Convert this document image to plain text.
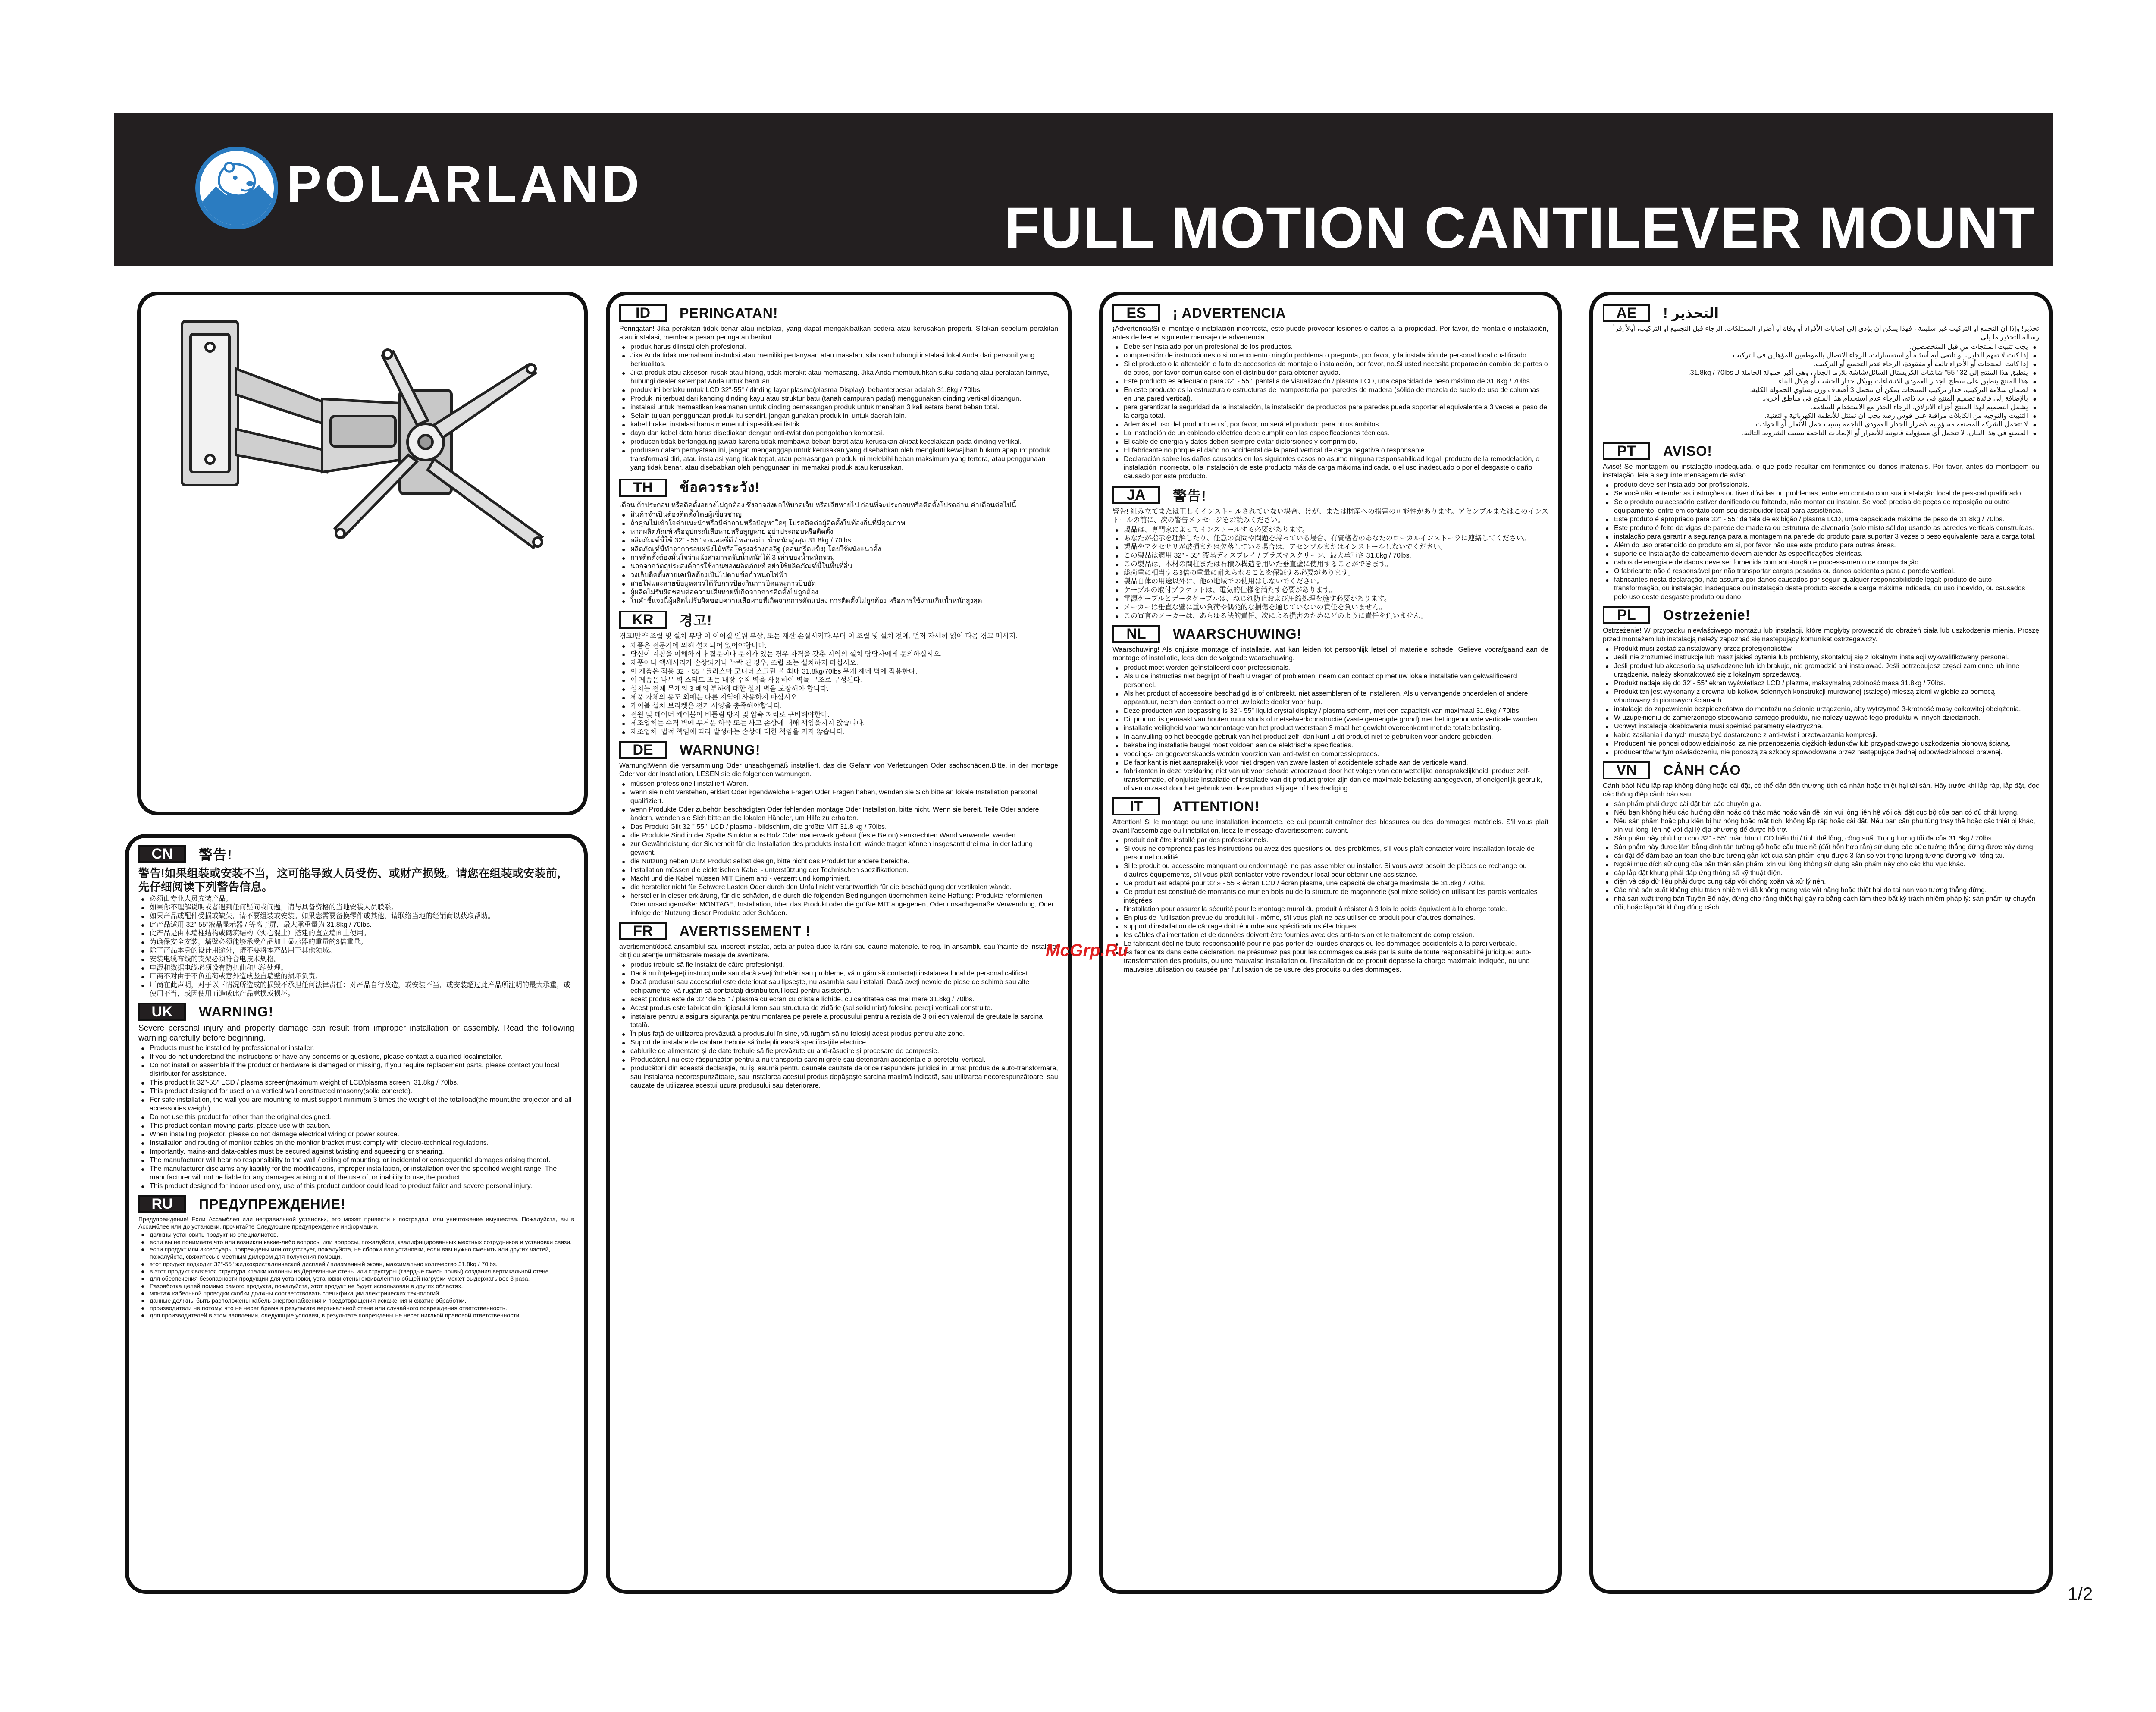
POLARLAND
FULL MOTION CANTILEVER MOUNT
ID	PERINGATAN!

Peringatan! Jika perakitan tidak benar atau instalasi, yang dapat mengakibatkan cedera atau kerusakan properti. Silakan sebelum perakitan atau instalasi, membaca pesan peringatan berikut.

● produk harus diinstal oleh profesional.
● Jika Anda tidak memahami instruksi atau memiliki pertanyaan atau masalah, silahkan hubungi instalasi lokal Anda dari personil yang berkualitas.
● Jika produk atau aksesori rusak atau hilang, tidak merakit atau memasang. Jika Anda membutuhkan suku cadang atau peralatan lainnya, hubungi dealer setempat Anda untuk bantuan.
● produk ini berlaku untuk LCD 32"-55" / dinding layar plasma(plasma Display), bebanterbesar adalah 31.8kg / 70lbs.
● Produk ini terbuat dari kancing dinding kayu atau struktur batu (tanah campuran padat) menggunakan dinding vertikal dibangun.
● instalasi untuk memastikan keamanan untuk dinding pemasangan produk untuk menahan 3 kali setara berat beban total.
● Selain tujuan penggunaan produk itu sendiri, jangan gunakan produk ini untuk daerah lain.
● kabel braket instalasi harus memenuhi spesifikasi listrik.
● daya dan kabel data harus disediakan dengan anti-twist dan pengolahan kompresi.
● produsen tidak bertanggung jawab karena tidak membawa beban berat atau kerusakan akibat kecelakaan pada dinding vertikal.
● produsen dalam pernyataan ini, jangan menganggap untuk kerusakan yang disebabkan oleh mengikuti kewajiban hukum apapun: produk transformasi diri, atau instalasi yang tidak tepat, atau pemasangan produk ini melebihi beban maksimum yang tertera, atau penggunaan yang tidak benar, atau disebabkan oleh penggunaan ini memakai produk atau kerusakan.
TH	ข้อควรระวัง!

เตือน ถ้าประกอบ หรือติดตั้งอย่างไม่ถูกต้อง ซึ่งอาจส่งผลให้บาดเจ็บ หรือเสียหายไป ก่อนที่จะประกอบหรือติดตั้งโปรดอ่าน คำเตือนต่อไปนี้

● สินค้าจำเป็นต้องติดตั้งโดยผู้เชี่ยวชาญ
● ถ้าคุณไม่เข้าใจคำแนะนำหรือมีคำถามหรือปัญหาใดๆ โปรดติดต่อผู้ติดตั้งในท้องถิ่นที่มีคุณภาพ
● หากผลิตภัณฑ์หรืออุปกรณ์เสียหายหรือสูญหาย อย่าประกอบหรือติดตั้ง
● ผลิตภัณฑ์นี้ใช้ 32" - 55" จอแอลซีดี / พลาสม่า, น้ำหนักสูงสุด 31.8kg / 70lbs.
● ผลิตภัณฑ์นี้ทำจากกรอบผนังไม้หรือโครงสร้างก่ออิฐ (คอนกรีตแข็ง) โดยใช้ผนังแนวตั้ง
● การติดตั้งต้องมั่นใจว่าผนังสามารถรับน้ำหนักได้ 3 เท่าของน้ำหนักรวม
● นอกจากวัตถุประสงค์การใช้งานของผลิตภัณฑ์ อย่าใช้ผลิตภัณฑ์นี้ในพื้นที่อื่น
● วงเล็บติดตั้งสายเคเบิลต้องเป็นไปตามข้อกำหนดไฟฟ้า
● สายไฟและสายข้อมูลควรได้รับการป้องกันการบิดและการบีบอัด
● ผู้ผลิตไม่รับผิดชอบต่อความเสียหายที่เกิดจากการติดตั้งไม่ถูกต้อง
● ในคำชี้แจงนี้ผู้ผลิตไม่รับผิดชอบความเสียหายที่เกิดจากการดัดแปลง การติดตั้งไม่ถูกต้อง หรือการใช้งานเกินน้ำหนักสูงสุด
KR	경고!

경고!만약 조립 및 설치 부당 이 이어질 인원 부상, 또는 재산 손실시키다.무더 이 조립 및 설치 전에, 먼저 자세히 읽어 다음 경고 메시지.

● 제품은 전문가에 의해 설치되어 있어야합니다.
● 당신이 지침을 이해하거나 질문이나 문제가 있는 경우 자격을 갖춘 지역의 설치 담당자에게 문의하십시오.
● 제품이나 액세서리가 손상되거나 누락 된 경우, 조립 또는 설치하지 마십시오.
● 이 제품은 적용 32 ~ 55 " 플라스마 모니터 스크린 을 최대 31.8kg/70lbs 무게 제네 벽에 적용한다.
● 이 제품은 나무 벽 스터드 또는 내장 수직 벽을 사용하여 벽돌 구조로 구성된다.
● 설치는 전체 무게의 3 배의 부하에 대한 설치 벽을 보장해야 합니다.
● 제품 자체의 용도 외에는 다른 지역에 사용하지 마십시오.
● 케이블 설치 브라켓은 전기 사양을 충족해야합니다.
● 전원 및 데이터 케이블이 비틀림 방지 및 압축 처리로 구비해야한다.
● 제조업체는 수직 벽에 무거운 하중 또는 사고 손상에 대해 책임을지지 않습니다.
● 제조업체, 법적 책임에 따라 발생하는 손상에 대한 책임을 지지 않습니다.
DE	WARNUNG!

Warnung!Wenn die versammlung Oder unsachgemäß installiert, das die Gefahr von Verletzungen Oder sachschäden.Bitte, in der montage Oder vor der Installation, LESEN sie die folgenden warnungen.

● müssen professionell installiert Waren.
● wenn sie nicht verstehen, erklärt Oder irgendwelche Fragen Oder Fragen haben, wenden sie Sich bitte an lokale Installation personal qualifiziert.
● wenn Produkte Oder zubehör, beschädigten Oder fehlenden montage Oder Installation, bitte nicht. Wenn sie bereit, Teile Oder andere ändern, wenden sie Sich bitte an die lokalen Händler, um Hilfe zu erhalten.
● Das Produkt Gilt 32 " 55 " LCD / plasma - bildschirm, die größte MIT 31.8 kg / 70lbs.
● die Produkte Sind in der Spalte Struktur aus Holz Oder mauerwerk gebaut (feste Beton) senkrechten Wand verwendet werden.
● zur Gewährleistung der Sicherheit für die Installation des produkts installiert, wände tragen können insgesamt drei mal in der ladung gewicht.
● die Nutzung neben DEM Produkt selbst design, bitte nicht das Produkt für andere bereiche.
● Installation müssen die elektrischen Kabel - unterstützung der Technischen spezifikationen.
● Macht und die Kabel müssen MIT Einem anti - verzerrt und komprimiert.
● die hersteller nicht für Schwere Lasten Oder durch den Unfall nicht verantwortlich für die beschädigung der vertikalen wände.
● hersteller in dieser erklärung, für die schäden, die durch die folgenden Bedingungen übernehmen keine Haftung: Produkte reformierten Oder unsachgemäßer MONTAGE, Installation, über das Produkt oder die größte MIT angegeben, Oder unsachgemäße Verwendung, Oder infolge der Nutzung dieser Produkte oder Schäden.
FR	AVERTISSEMENT !

avertismentîdacă ansamblul sau incorect instalat, asta ar putea duce la răni sau daune materiale. te rog. în ansamblu sau înainte de instalare, citiţi cu atenţie următoarele mesaje de avertizare.

● produs trebuie să fie instalat de către profesionişti.
● Dacă nu înţelegeţi instrucţiunile sau dacă aveţi întrebări sau probleme, vă rugăm să contactaţi instalarea local de personal calificat.
● Dacă produsul sau accesoriul este deteriorat sau lipseşte, nu asambla sau instalaţi. Dacă aveţi nevoie de piese de schimb sau alte echipamente, vă rugăm să contactaţi distribuitorul local pentru asistenţă.
● acest produs este de 32 "de 55 " / plasmă cu ecran cu cristale lichide, cu cantitatea cea mai mare 31.8kg / 70lbs.
● Acest produs este fabricat din rigipsului lemn sau structura de zidărie (sol solid mixt) folosind pereţii verticali construite.
● instalare pentru a asigura siguranţa pentru montarea pe perete a produsului pentru a rezista de 3 ori echivalentul de greutate la sarcina totală.
● În plus faţă de utilizarea prevăzută a produsului în sine, vă rugăm să nu folosiţi acest produs pentru alte zone.
● Suport de instalare de cablare trebuie să îndeplinească specificaţiile electrice.
● cablurile de alimentare şi de date trebuie să fie prevăzute cu anti-răsucire şi procesare de compresie.
● Producătorul nu este răspunzător pentru a nu transporta sarcini grele sau deteriorării accidentale a peretelui vertical.
● producătorii din această declaraţie, nu îşi asumă pentru daunele cauzate de orice răspundere juridică în urma: produs de auto-transformare, sau instalarea necorespunzătoare, sau instalarea acestui produs depăşeşte sarcina maximă indicată, sau utilizarea necorespunzătoare, sau cauzate de utilizarea acestui uzura produsului sau deteriorare.
CN	警告!

警告!如果组装或安装不当，这可能导致人员受伤、或财产损毁。请您在组装或安装前，先仔细阅读下列警告信息。

● 必须由专业人员安装产品。
● 如果你不理解说明或者遇到任何疑问或问题，请与具备资格的当地安装人员联系。
● 如果产品或配件受损或缺失，请不要组装或安装。如果您需要备换零件或其他，请联络当地的经销商以获取帮助。
● 此产品适用 32"-55"液晶显示器 / 等离子屏，最大承重量为 31.8kg / 70lbs.
● 此产品是由木墙柱结构或砌筑结构（实心混土）搭建的直立墙面上使用。
● 为确保安全安装，墙壁必须能够承受产品加上显示器的重量的3倍重量。
● 除了产品本身的设计用途外，请不要将本产品用于其他领域。
● 安装电缆布线的支架必须符合电技术规格。
● 电源和数据电缆必须设有防扭曲和压缩处理。
● 厂商不对由于不负重荷或意外造成竖直墙壁的损坏负责。
● 厂商在此声明，对于以下情况所造成的损毁不承担任何法律责任：对产品自行改造，或安装不当，或安装超过此产品所注明的最大承重，或使用不当，或因使用而造成此产品意损或损坏。
UK	WARNING!

Severe personal injury and property damage can result from improper installation or assembly. Read the following warning carefully before beginning.

● Products must be installed by professional or installer.
● If you do not understand the instructions or have any concerns or questions, please contact a qualified localinstaller.
● Do not install or assemble if the product or hardware is damaged or missing, If you require replacement parts, please contact you local distributor for assistance.
● This product fit 32"-55" LCD / plasma screen(maximum weight of LCD/plasma screen: 31.8kg / 70lbs.
● This product designed for used on a vertical wall constructed masonry(solid concrete).
● For safe installation, the wall you are mounting to must support minimum 3 times the weight of the totalload(the mount,the projector and all accessories weight).
● Do not use this product for other than the original designed.
● This product contain moving parts, please use with caution.
● When installing projector, please do not damage electrical wiring or power source.
● Installation and routing of monitor cables on the monitor bracket must comply with electro-technical regulations.
● Importantly, mains-and data-cables must be secured against twisting and squeezing or shearing.
● The manufacturer will bear no responsibility to the wall / ceiling of mounting, or incidental or consequential damages arising thereof.
● The manufacturer disclaims any liability for the modifications, improper installation, or installation over the specified weight range. The manufacturer will not be liable for any damages arising out of the use of, or inability to use,the product.
● This product designed for indoor used only, use of this product outdoor could lead to product failer and severe personal injury.
RU	ПРЕДУПРЕЖДЕНИЕ!

Предупреждение! Если Ассамблея или неправильной установки, это может привести к пострадал, или уничтожение имущества. Пожалуйста, вы в Ассамблее или до установки, прочитайте Следующие предупреждение информации.

● должны установить продукт из специалистов.
● если вы не понимаете что или возникли какие-либо вопросы или вопросы, пожалуйста, квалифицированных местных сотрудников и установки связи.
● если продукт или аксессуары повреждены или отсутствует, пожалуйста, не сборки или установки, если вам нужно сменить или других частей, пожалуйста, свяжитесь с местным дилером для получения помощи.
● этот продукт подходит 32"-55" жидкокристаллический дисплей / плазменный экран, максимально количество 31.8kg / 70lbs.
● в этот продукт является структура кладки колонны из Деревянные стены или структуры (твердые смесь почвы) создания вертикальной стене.
● для обеспечения безопасности продукции для установки, установки стены эквивалентно общей нагрузки может выдержать вес 3 раза.
● Разработка целей помимо самого продукта, пожалуйста, этот продукт не будет использован в других областях.
● монтаж кабельной проводки скобки должны соответствовать спецификации электрических технологий.
● данные должны быть расположены кабель энергоснабжения и предотвращения искажения и сжатие обработки.
● производители не потому, что не несет бремя в результате вертикальной стене или случайного повреждения ответственность.
● для производителей в этом заявлении, следующие условия, в результате повреждены не несет никакой правовой ответственности.
ES	¡ ADVERTENCIA

¡Advertencia!Si el montaje o instalación incorrecta, esto puede provocar lesiones o daños a la propiedad. Por favor, de montaje o instalación, antes de leer el siguiente mensaje de advertencia.

● Debe ser instalado por un profesional de los productos.
● comprensión de instrucciones o si no encuentro ningún problema o pregunta, por favor, y la instalación de personal local cualificado.
● Si el producto o la alteración o falta de accesorios de montaje o instalación, por favor, no.Si usted necesita preparación cambia de partes o de otros, por favor comunicarse con el distribuidor para obtener ayuda.
● Este producto es adecuado para 32" - 55 " pantalla de visualización / plasma LCD, una capacidad de peso máximo de 31.8kg / 70lbs.
● En este producto es la estructura o estructuras de mampostería por paredes de madera (sólido de mezcla de suelo de uso de columnas en una pared vertical).
● para garantizar la seguridad de la instalación, la instalación de productos para paredes puede soportar el equivalente a 3 veces el peso de la carga total.
● Además el uso del producto en sí, por favor, no será el producto para otros ámbitos.
● La instalación de un cableado eléctrico debe cumplir con las especificaciones técnicas.
● El cable de energía y datos deben siempre evitar distorsiones y comprimido.
● El fabricante no porque el daño no accidental de la pared vertical de carga negativa o responsable.
● Declaración sobre los daños causados en los siguientes casos no asume ninguna responsabilidad legal: producto de la remodelación, o instalación incorrecta, o la instalación de este producto más de carga máxima indicada, o el uso inadecuado o por el desgaste o daño causado por este producto.
JA	警告!

警告! 組み立てまたは正しくインストールされていない場合、けが、または財産への損害の可能性があります。アセンブルまたはこのインストールの前に、次の警告メッセージをお読みください。

● 製品は、専門家によってインストールする必要があります。
● あなたが指示を理解したり、任意の質問や問題を持っている場合、有資格者のあなたのローカルインストーラに連絡してください。
● 製品やアクセサリが破損または欠落している場合は、アセンブルまたはインストールしないでください。
● この製品は適用 32" - 55" 液晶ディスプレイ / プラズマスクリーン、最大承重さ 31.8kg / 70lbs.
● この製品は、木材の間柱または石積み構造を用いた垂直壁に使用することができます。
● 総荷重に相当する3倍の重量に耐えられることを保証する必要があります。
● 製品自体の用途以外に、他の地域での使用はしないでください。
● ケーブルの取付ブラケットは、電気的仕様を満たす必要があります。
● 電源ケーブルとデータケーブルは、ねじれ防止および圧縮処理を施す必要があります。
● メーカーは垂直な壁に重い負荷や偶発的な損傷を通じていないの責任を負いません。
● この宣言のメーカーは、あらゆる法的責任、次による損害のためにどのように責任を負いません。
NL	WAARSCHUWING!

Waarschuwing! Als onjuiste montage of installatie, wat kan leiden tot persoonlijk letsel of materiële schade. Gelieve voorafgaand aan de montage of installatie, lees dan de volgende waarschuwing.

● product moet worden geïnstalleerd door professionals.
● Als u de instructies niet begrijpt of heeft u vragen of problemen, neem dan contact op met uw lokale installatie van gekwalificeerd personeel.
● Als het product of accessoire beschadigd is of ontbreekt, niet assembleren of te installeren. Als u vervangende onderdelen of andere apparatuur, neem dan contact op met uw lokale dealer voor hulp.
● Deze producten van toepassing is 32"- 55" liquid crystal display / plasma scherm, met een capaciteit van maximaal 31.8kg / 70lbs.
● Dit product is gemaakt van houten muur studs of metselwerkconstructie (vaste gemengde grond) met het ingebouwde verticale wanden.
● installatie veiligheid voor wandmontage van het product weerstaan 3 maal het gewicht overeenkomt met de totale belasting.
● In aanvulling op het beoogde gebruik van het product zelf, dan kunt u dit product niet te gebruiken voor andere gebieden.
● bekabeling installatie beugel moet voldoen aan de elektrische specificaties.
● voedings- en gegevenskabels worden voorzien van anti-twist en compressieproces.
● De fabrikant is niet aansprakelijk voor niet dragen van zware lasten of accidentele schade aan de verticale wand.
● fabrikanten in deze verklaring niet van uit voor schade veroorzaakt door het volgen van een wettelijke aansprakelijkheid: product zelf-transformatie, of onjuiste installatie of installatie van dit product groter zijn dan de maximale belasting aangegeven, of oneigenlijk gebruik, of veroorzaakt door het gebruik van deze product slijtage of beschadiging.
IT	ATTENTION!

Attention! Si le montage ou une installation incorrecte, ce qui pourrait entraîner des blessures ou des dommages matériels. S'il vous plaît avant l'assemblage ou l'installation, lisez le message d'avertissement suivant.

● produit doit être installé par des professionnels.
● Si vous ne comprenez pas les instructions ou avez des questions ou des problèmes, s'il vous plaît contacter votre installation locale de personnel qualifié.
● Si le produit ou accessoire manquant ou endommagé, ne pas assembler ou installer. Si vous avez besoin de pièces de rechange ou d'autres équipements, s'il vous plaît contacter votre revendeur local pour obtenir une assistance.
● Ce produit est adapté pour 32 » - 55 « écran LCD / écran plasma, une capacité de charge maximale de 31.8kg / 70lbs.
● Ce produit est constitué de montants de mur en bois ou de la structure de maçonnerie (sol mixte solide) en utilisant les parois verticales intégrées.
● l'installation pour assurer la sécurité pour le montage mural du produit à résister à 3 fois le poids équivalent à la charge totale.
● En plus de l'utilisation prévue du produit lui - même, s'il vous plaît ne pas utiliser ce produit pour d'autres domaines.
● support d'installation de câblage doit répondre aux spécifications électriques.
● les câbles d'alimentation et de données doivent être fournies avec des anti-torsion et le traitement de compression.
● Le fabricant décline toute responsabilité pour ne pas porter de lourdes charges ou les dommages accidentels à la paroi verticale.
● les fabricants dans cette déclaration, ne présumez pas pour les dommages causés par la suite de toute responsabilité juridique: auto-transformation des produits, ou une mauvaise installation ou l'installation de ce produit dépasse la charge maximale indiquée, ou une mauvaise utilisation ou causée par l'utilisation de ce usure des produits ou des dommages.
AE	التحذير !

تحذير! وإذا أن التجمع أو التركيب غير سليمة ، فهذا يمكن أن يؤدي إلى إصابات الأفراد أو وفاة أو أضرار الممتلكات. الرجاء قبل التجميع أو التركيب، أولاً إقرأ رسالة التحذير ما يلي.

● يجب تثبيت المنتجات من قبل المتخصصين.
● إذا كنت لا تفهم الدليل، أو تلتقي أية أسئلة أو استفسارات، الرجاء الاتصال بالموظفين المؤهلين في التركيب.
● إذا كانت المنتجات أو الأجزاء تالفة أو مفقودة، الرجاء عدم التجميع أو التركيب.
● ينطبق هذا المنتج إلى 32"-55" شاشات الكريستال السائل/شاشة بلازما الجدار، وهي أكبر حمولة الحاملة لـ 31.8kg / 70lbs.
● هذا المنتج ينطبق على سطح الجدار العمودي للانشاءات بهيكل جدار الخشب أو هيكل البناء.
● لضمان سلامة التركيب، جدار تركيب المنتجات يمكن أن تتحمل 3 أضعاف وزن يساوي الحمولة الكلية.
● بالإضافة إلى فائدة تصميم المنتج في حد ذاته، الرجاء عدم استخدام هذا المنتج في مناطق أخرى.
● يشمل التصميم لهذا المنتج أجزاء الانزلاق، الرجاء الحذر مع الاستخدام للسلامة.
● التثبيت والتوجيه من الكابلات مراقبة على قوس رصد يجب أن تمتثل للأنظمة الكهربائية والتقنية.
● لا تتحمل الشركة المصنعة مسؤولية لأضرار الجدار العمودي الناجمة بسبب حمل الأثقال أو الحوادث.
● المصنع في هذا البيان، لا تتحمل أي مسؤولية قانونية للأضرار أو الإصابات الناجمة بسبب الشروط التالية.
PT	AVISO!

Aviso! Se montagem ou instalação inadequada, o que pode resultar em ferimentos ou danos materiais. Por favor, antes da montagem ou instalação, leia a seguinte mensagem de aviso.

● produto deve ser instalado por profissionais.
● Se você não entender as instruções ou tiver dúvidas ou problemas, entre em contato com sua instalação local de pessoal qualificado.
● Se o produto ou acessório estiver danificado ou faltando, não montar ou instalar. Se você precisa de peças de reposição ou outro equipamento, entre em contato com seu distribuidor local para assistência.
● Este produto é apropriado para 32" - 55 "da tela de exibição / plasma LCD, uma capacidade máxima de peso de 31.8kg / 70lbs.
● Este produto é feito de vigas de parede de madeira ou estrutura de alvenaria (solo misto sólido) usando as paredes verticais construídas.
● instalação para garantir a segurança para a montagem na parede do produto para suportar 3 vezes o peso equivalente para a carga total.
● Além do uso pretendido do produto em si, por favor não use este produto para outras áreas.
● suporte de instalação de cabeamento devem atender às especificações elétricas.
● cabos de energia e de dados deve ser fornecida com anti-torção e processamento de compactação.
● O fabricante não é responsável por não transportar cargas pesadas ou danos acidentais para a parede vertical.
● fabricantes nesta declaração, não assuma por danos causados por seguir qualquer responsabilidade legal: produto de auto-transformação, ou instalação inadequada ou instalação deste produto excede a carga máxima indicada, ou uso indevido, ou causados pelo uso deste desgaste produto ou dano.
PL	Ostrzeżenie!

Ostrzeżenie! W przypadku niewłaściwego montażu lub instalacji, które mogłyby prowadzić do obrażeń ciała lub uszkodzenia mienia. Proszę przed montażem lub instalacją należy zapoznać się następujący komunikat ostrzegawczy.

● Produkt musi zostać zainstalowany przez profesjonalistów.
● Jeśli nie zrozumieć instrukcje lub masz jakieś pytania lub problemy, skontaktuj się z lokalnym instalacji wykwalifikowany personel.
● Jeśli produkt lub akcesoria są uszkodzone lub ich brakuje, nie gromadzić ani instalować. Jeśli potrzebujesz części zamienne lub inne urządzenia, należy skontaktować się z lokalnym sprzedawcą.
● Produkt nadaje się do 32"- 55" ekran wyświetlacz LCD / plazma, maksymalną zdolność masa 31.8kg / 70lbs.
● Produkt ten jest wykonany z drewna lub kołków ściennych konstrukcji murowanej (stałego) mieszą ziemi w glebie za pomocą wbudowanych pionowych ścianach.
● instalacja do zapewnienia bezpieczeństwa do montażu na ścianie urządzenia, aby wytrzymać 3-krotność masy całkowitej obciążenia.
● W uzupełnieniu do zamierzonego stosowania samego produktu, nie należy używać tego produktu w innych dziedzinach.
● Uchwyt instalacja okablowania musi spełniać parametry elektryczne.
● kable zasilania i danych muszą być dostarczone z anti-twist i przetwarzania kompresji.
● Producent nie ponosi odpowiedzialności za nie przenoszenia ciężkich ładunków lub przypadkowego uszkodzenia pionową ścianą.
● producentów w tym oświadczeniu, nie ponoszą za szkody spowodowane przez następujące żadnej odpowiedzialności prawnej.
VN	CẢNH CÁO

Cảnh báo! Nếu lắp ráp không đúng hoặc cài đặt, có thể dẫn đến thương tích cá nhân hoặc thiệt hại tài sản. Hãy trước khi lắp ráp, lắp đặt, đọc các thông điệp cảnh báo sau.

● sản phẩm phải được cài đặt bởi các chuyên gia.
● Nếu bạn không hiểu các hướng dẫn hoặc có thắc mắc hoặc vấn đề, xin vui lòng liên hệ với cài đặt cục bộ của bạn có đủ chất lượng.
● Nếu sản phẩm hoặc phụ kiện bị hư hỏng hoặc mất tích, không lắp ráp hoặc cài đặt. Nếu bạn cần phụ tùng thay thế hoặc các thiết bị khác, xin vui lòng liên hệ với đại lý địa phương để được hỗ trợ.
● Sản phẩm này phù hợp cho 32" - 55" màn hình LCD hiển thị / tinh thể lỏng, công suất Trọng lượng tối đa của 31.8kg / 70lbs.
● Sản phẩm này được làm bằng đinh tán tường gỗ hoặc cấu trúc nề (đất hỗn hợp rắn) sử dụng các bức tường thẳng đứng được xây dựng.
● cài đặt để đảm bảo an toàn cho bức tường gắn kết của sản phẩm chịu được 3 lần so với trọng lượng tương đương với tổng tải.
● Ngoài mục đích sử dụng của bản thân sản phẩm, xin vui lòng không sử dụng sản phẩm này cho các khu vực khác.
● cáp lắp đặt khung phải đáp ứng thông số kỹ thuật điện.
● điện và cáp dữ liệu phải được cung cấp với chống xoắn và xử lý nén.
● Các nhà sản xuất không chịu trách nhiệm vì đã không mang vác vật nặng hoặc thiệt hại do tai nạn vào tường thẳng đứng.
● nhà sản xuất trong bản Tuyên Bố này, đừng cho rằng thiệt hại gây ra bằng cách làm theo bất kỳ trách nhiệm pháp lý: sản phẩm tự chuyển đổi, hoặc lắp đặt không đúng cách.
McGrp.Ru
1/2
